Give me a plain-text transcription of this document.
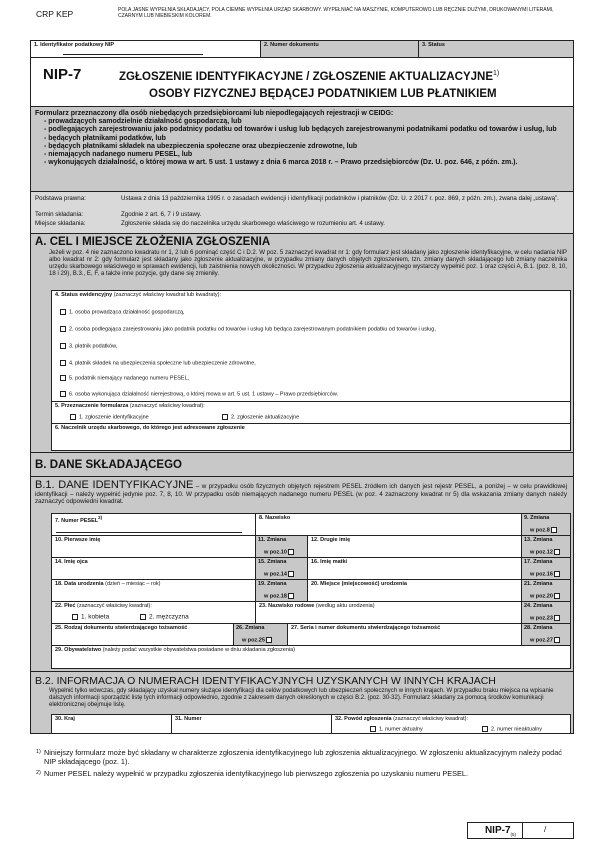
CRP KEP	POLA JASNE WYPEŁNIA SKŁADAJĄCY, POLA CIEMNE WYPEŁNIA URZĄD SKARBOWY. WYPEŁNIAĆ NA MASZYNIE, KOMPUTEROWO LUB RĘCZNIE DUŻYMI, DRUKOWANYMI LITERAMI, CZARNYM LUB NIEBIESKIM KOLOREM.
1. Identyfikator podatkowy NIP	2. Numer dokumentu	3. Status
NIP-7	ZGŁOSZENIE IDENTYFIKACYJNE / ZGŁOSZENIE AKTUALIZACYJNE$^{1)}$
OSOBY FIZYCZNEJ BĘDĄCEJ PODATNIKIEM LUB PŁATNIKIEM
Formularz przeznaczony dla osób niebędących przedsiębiorcami lub niepodlegających rejestracji w CEIDG:
- prowadzących samodzielnie działalność gospodarczą, lub
- podlegających zarejestrowaniu jako podatnicy podatku od towarów i usług lub będących zarejestrowanymi podatnikami podatku od towarów i usług, lub
- będących płatnikami podatków, lub
- będących płatnikami składek na ubezpieczenia społeczne oraz ubezpieczenie zdrowotne, lub
- niemających nadanego numeru PESEL, lub
- wykonujących działalność, o której mowa w art. 5 ust. 1 ustawy z dnia 6 marca 2018 r. – Prawo przedsiębiorców (Dz. U. poz. 646, z późn. zm.).
Podstawa prawna:	Ustawa z dnia 13 października 1995 r. o zasadach ewidencji i identyfikacji podatników i płatników (Dz. U. z 2017 r. poz. 869, z późn. zm.), zwana dalej „ustawą”.
Termin składania:	Zgodnie z art. 6, 7 i 9 ustawy.
Miejsce składania:	Zgłoszenie składa się do naczelnika urzędu skarbowego właściwego w rozumieniu art. 4 ustawy.
A. CEL I MIEJSCE ZŁOŻENIA ZGŁOSZENIA
Jeżeli w poz. 4 nie zaznaczono kwadratu nr 1, 2 lub 6 pominąć część C i D.2. W poz. 5 zaznaczyć kwadrat nr 1: gdy formularz jest składany jako zgłoszenie identyfikacyjne, w celu nadania NIP albo kwadrat nr 2: gdy formularz jest składany jako zgłoszenie aktualizacyjne, w przypadku zmiany danych objętych zgłoszeniem, tzn. zmiany danych składającego lub zmiany naczelnika urzędu skarbowego właściwego w sprawach ewidencji, lub zaistnienia nowych okoliczności. W przypadku zgłoszenia aktualizacyjnego wystarczy wypełnić poz. 1 oraz części A, B.1. (poz. 8, 10, 18 i 29), B.3., E, F, a także inne pozycje, gdy dane się zmieniły.
4. Status ewidencyjny (zaznaczyć właściwy kwadrat lub kwadraty):
1. osoba prowadząca działalność gospodarczą,
2. osoba podlegająca zarejestrowaniu jako podatnik podatku od towarów i usług lub będąca zarejestrowanym podatnikiem podatku od towarów i usług,
3. płatnik podatków,
4. płatnik składek na ubezpieczenia społeczne lub ubezpieczenie zdrowotne,
5. podatnik niemający nadanego numeru PESEL,
6. osoba wykonująca działalność nierejestrową, o której mowa w art. 5 ust. 1 ustawy – Prawo przedsiębiorców.
5. Przeznaczenie formularza (zaznaczyć właściwy kwadrat):
1. zgłoszenie identyfikacyjne	2. zgłoszenie aktualizacyjne
6. Naczelnik urzędu skarbowego, do którego jest adresowane zgłoszenie
B. DANE SKŁADAJĄCEGO
B.1. DANE IDENTYFIKACYJNE – w przypadku osób fizycznych objętych rejestrem PESEL źródłem ich danych jest rejestr PESEL, a poniżej – w celu prawidłowej identyfikacji – należy wypełnić jedynie poz. 7, 8, 10. W przypadku osób niemających nadanego numeru PESEL (w poz. 4 zaznaczony kwadrat nr 5) dla wskazania zmiany danych należy zaznaczyć odpowiedni kwadrat.
7. Numer PESEL$^{2)}$	8. Nazwisko	9. Zmiana
w poz.8
10. Pierwsze imię	11. Zmiana
w poz.10
12. Drugie imię	13. Zmiana
w poz.12
14. Imię ojca	15. Zmiana
w poz.14
16. Imię matki	17. Zmiana
w poz.16
18. Data urodzenia (dzień – miesiąc – rok)	19. Zmiana
w poz.18
20. Miejsce (miejscowość) urodzenia	21. Zmiana
w poz.20
22. Płeć (zaznaczyć właściwy kwadrat):
1. kobieta	2. mężczyzna
23. Nazwisko rodowe (według aktu urodzenia)	24. Zmiana
w poz.23
25. Rodzaj dokumentu stwierdzającego tożsamość	26. Zmiana
w poz.25
27. Seria i numer dokumentu stwierdzającego tożsamość	28. Zmiana
w poz.27
29. Obywatelstwo (należy podać wszystkie obywatelstwa posiadane w dniu składania zgłoszenia)
B.2. INFORMACJA O NUMERACH IDENTYFIKACYJNYCH UZYSKANYCH W INNYCH KRAJACH
Wypełnić tylko wówczas, gdy składający uzyskał numery służące identyfikacji dla celów podatkowych lub ubezpieczeń społecznych w innych krajach. W przypadku braku miejsca na wpisanie dalszych informacji sporządzić listę tych informacji odpowiednio, zgodnie z zakresem danych określonych w części B.2. (poz. 30-32). Formularz składany za pomocą środków komunikacji elektronicznej obejmuje listę.
30. Kraj	31. Numer	32. Powód zgłoszenia (zaznaczyć właściwy kwadrat):
1. numer aktualny	2. numer nieaktualny
1) Niniejszy formularz może być składany w charakterze zgłoszenia identyfikacyjnego lub zgłoszenia aktualizacyjnego. W zgłoszeniu aktualizacyjnym należy podać NIP składającego (poz. 1).
2) Numer PESEL należy wypełnić w przypadku zgłoszenia identyfikacyjnego lub pierwszego zgłoszenia po uzyskaniu numeru PESEL.
NIP-$7_{(5)}$
/
